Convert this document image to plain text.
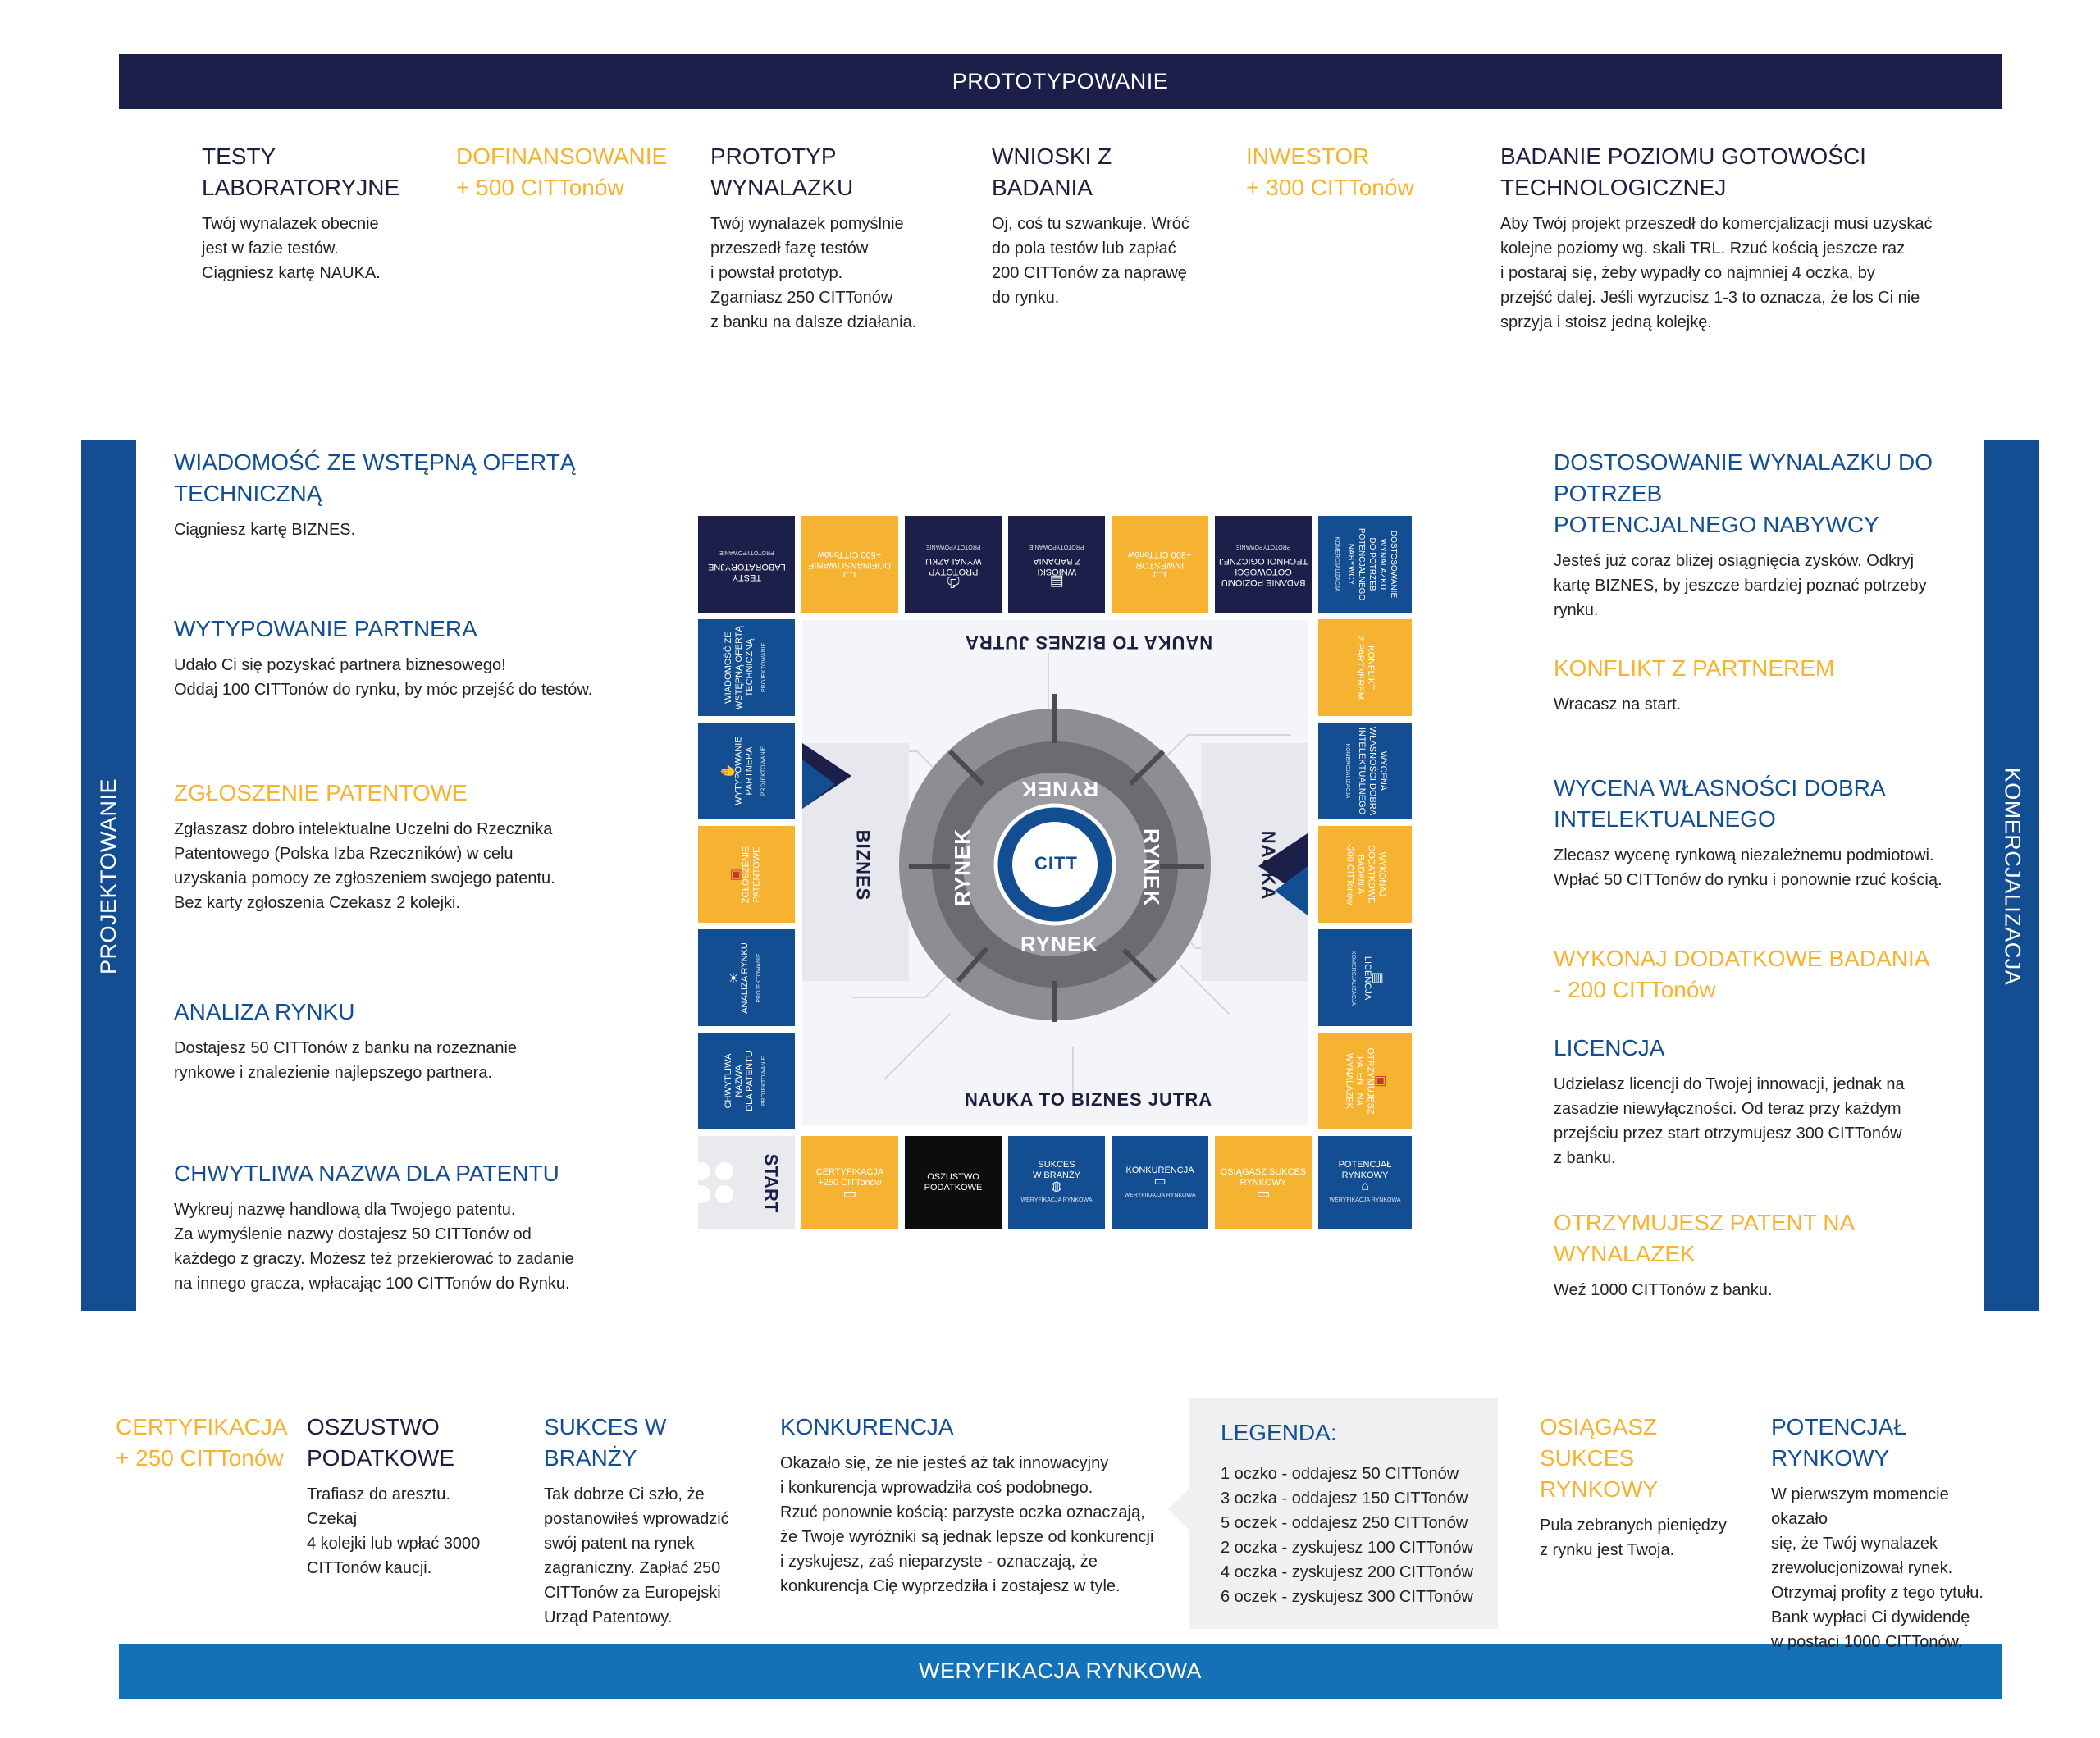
PROTOTYPOWANIE
WERYFIKACJA RYNKOWA
PROJEKTOWANIE	KOMERCJALIZACJA
TESTY
LABORATORYJNE
Twój wynalazek obecnie
jest w fazie testów.
Ciągniesz kartę NAUKA.
DOFINANSOWANIE
+ 500 CITTonów
PROTOTYP
WYNALAZKU
Twój wynalazek pomyślnie
przeszedł fazę testów
i powstał prototyp.
Zgarniasz 250 CITTonów
z banku na dalsze działania.
WNIOSKI Z BADANIA
Oj, coś tu szwankuje. Wróć
do pola testów lub zapłać
200 CITTonów za naprawę
do rynku.
INWESTOR
+ 300 CITTonów
BADANIE POZIOMU GOTOWOŚCI
TECHNOLOGICZNEJ
Aby Twój projekt przeszedł do komercjalizacji musi uzyskać
kolejne poziomy wg. skali TRL. Rzuć kością jeszcze raz
i postaraj się, żeby wypadły co najmniej 4 oczka, by
przejść dalej. Jeśli wyrzucisz 1-3 to oznacza, że los Ci nie
sprzyja i stoisz jedną kolejkę.
WIADOMOŚĆ ZE WSTĘPNĄ OFERTĄ
TECHNICZNĄ
Ciągniesz kartę BIZNES.
WYTYPOWANIE PARTNERA
Udało Ci się pozyskać partnera biznesowego!
Oddaj 100 CITTonów do rynku, by móc przejść do testów.
ZGŁOSZENIE PATENTOWE
Zgłaszasz dobro intelektualne Uczelni do Rzecznika
Patentowego (Polska Izba Rzeczników) w celu
uzyskania pomocy ze zgłoszeniem swojego patentu.
Bez karty zgłoszenia Czekasz 2 kolejki.
ANALIZA RYNKU
Dostajesz 50 CITTonów z banku na rozeznanie
rynkowe i znalezienie najlepszego partnera.
CHWYTLIWA NAZWA DLA PATENTU
Wykreuj nazwę handlową dla Twojego patentu.
Za wymyślenie nazwy dostajesz 50 CITTonów od
każdego z graczy. Możesz też przekierować to zadanie
na innego gracza, wpłacając 100 CITTonów do Rynku.
DOSTOSOWANIE WYNALAZKU DO POTRZEB
POTENCJALNEGO NABYWCY
Jesteś już coraz bliżej osiągnięcia zysków. Odkryj
kartę BIZNES, by jeszcze bardziej poznać potrzeby
rynku.
KONFLIKT Z PARTNEREM
Wracasz na start.
WYCENA WŁASNOŚCI DOBRA
INTELEKTUALNEGO
Zlecasz wycenę rynkową niezależnemu podmiotowi.
Wpłać 50 CITTonów do rynku i ponownie rzuć kością.
WYKONAJ DODATKOWE BADANIA
- 200 CITTonów
LICENCJA
Udzielasz licencji do Twojej innowacji, jednak na
zasadzie niewyłączności. Od teraz przy każdym
przejściu przez start otrzymujesz 300 CITTonów
z banku.
OTRZYMUJESZ PATENT NA WYNALAZEK
Weź 1000 CITTonów z banku.
CERTYFIKACJA
+ 250 CITTonów
OSZUSTWO
PODATKOWE
Trafiasz do aresztu. Czekaj
4 kolejki lub wpłać 3000
CITTonów kaucji.
SUKCES W BRANŻY
Tak dobrze Ci szło, że
postanowiłeś wprowadzić
swój patent na rynek
zagraniczny. Zapłać 250
CITTonów za Europejski
Urząd Patentowy.
KONKURENCJA
Okazało się, że nie jesteś aż tak innowacyjny
i konkurencja wprowadziła coś podobnego.
Rzuć ponownie kością: parzyste oczka oznaczają,
że Twoje wyróżniki są jednak lepsze od konkurencji
i zyskujesz, zaś nieparzyste - oznaczają, że
konkurencja Cię wyprzedziła i zostajesz w tyle.
LEGENDA:
1 oczko - oddajesz 50 CITTonów
3 oczka - oddajesz 150 CITTonów
5 oczek - oddajesz 250 CITTonów
2 oczka - zyskujesz 100 CITTonów
4 oczka - zyskujesz 200 CITTonów
6 oczek - zyskujesz 300 CITTonów
OSIĄGASZ SUKCES
RYNKOWY
Pula zebranych pieniędzy
z rynku jest Twoja.
POTENCJAŁ RYNKOWY
W pierwszym momencie okazało
się, że Twój wynalazek
zrewolucjonizował rynek.
Otrzymaj profity z tego tytułu.
Bank wypłaci Ci dywidendę
w postaci 1000 CITTonów.
NAUKA TO BIZNES JUTRA
NAUKA TO BIZNES JUTRA
BIZNES	NAUKA
RYNEK
RYNEK
RYNEK
RYNEK	CITT
TESTY
LABORATORYJNE
PROTOTYPOWANIE
▭
DOFINANSOWANIE
+500 CITTonów
⎙
PROTOTYP
WYNALAZKU
PROTOTYPOWANIE
▤
WNIOSKI
Z BADANIA
PROTOTYPOWANIE
▭
INWESTOR
+300 CITTonów
BADANIE POZIOMU
GOTOWOŚCI
TECHNOLOGICZNEJ
PROTOTYPOWANIE	DOSTOSOWANIE
WYNALAZKU
DO POTRZEB
POTENCJALNEGO
NABYWCY
KOMERCJALIZACJA
WIADOMOŚĆ ZE
WSTĘPNĄ OFERTĄ
TECHNICZNĄ	PROJEKTOWANIE
✋
WYTYPOWANIE
PARTNERA	PROJEKTOWANIE
▣
ZGŁOSZENIE
PATENTOWE
☀
ANALIZA RYNKU	PROJEKTOWANIE
CHWYTLIWA
NAZWA
DLA PATENTU	PROJEKTOWANIE
KONFLIKT
Z PARTNEREM
WYCENA
WŁASNOŚCI DOBRA
INTELEKTUALNEGO
KOMERCJALIZACJA
WYKONAJ
DODATKOWE
BADANIA
-200 CITTonów
▤
LICENCJA
KOMERCJALIZACJA
▣
OTRZYMUJESZ
PATENT NA
WYNALAZEK
START	CERTYFIKACJA
+250 CITTonów
▭
OSZUSTWO
PODATKOWE
SUKCES
W BRANŻY
◍
WERYFIKACJA RYNKOWA
KONKURENCJA
▭
WERYFIKACJA RYNKOWA
OSIĄGASZ SUKCES
RYNKOWY
▭
POTENCJAŁ
RYNKOWY
⌂
WERYFIKACJA RYNKOWA
